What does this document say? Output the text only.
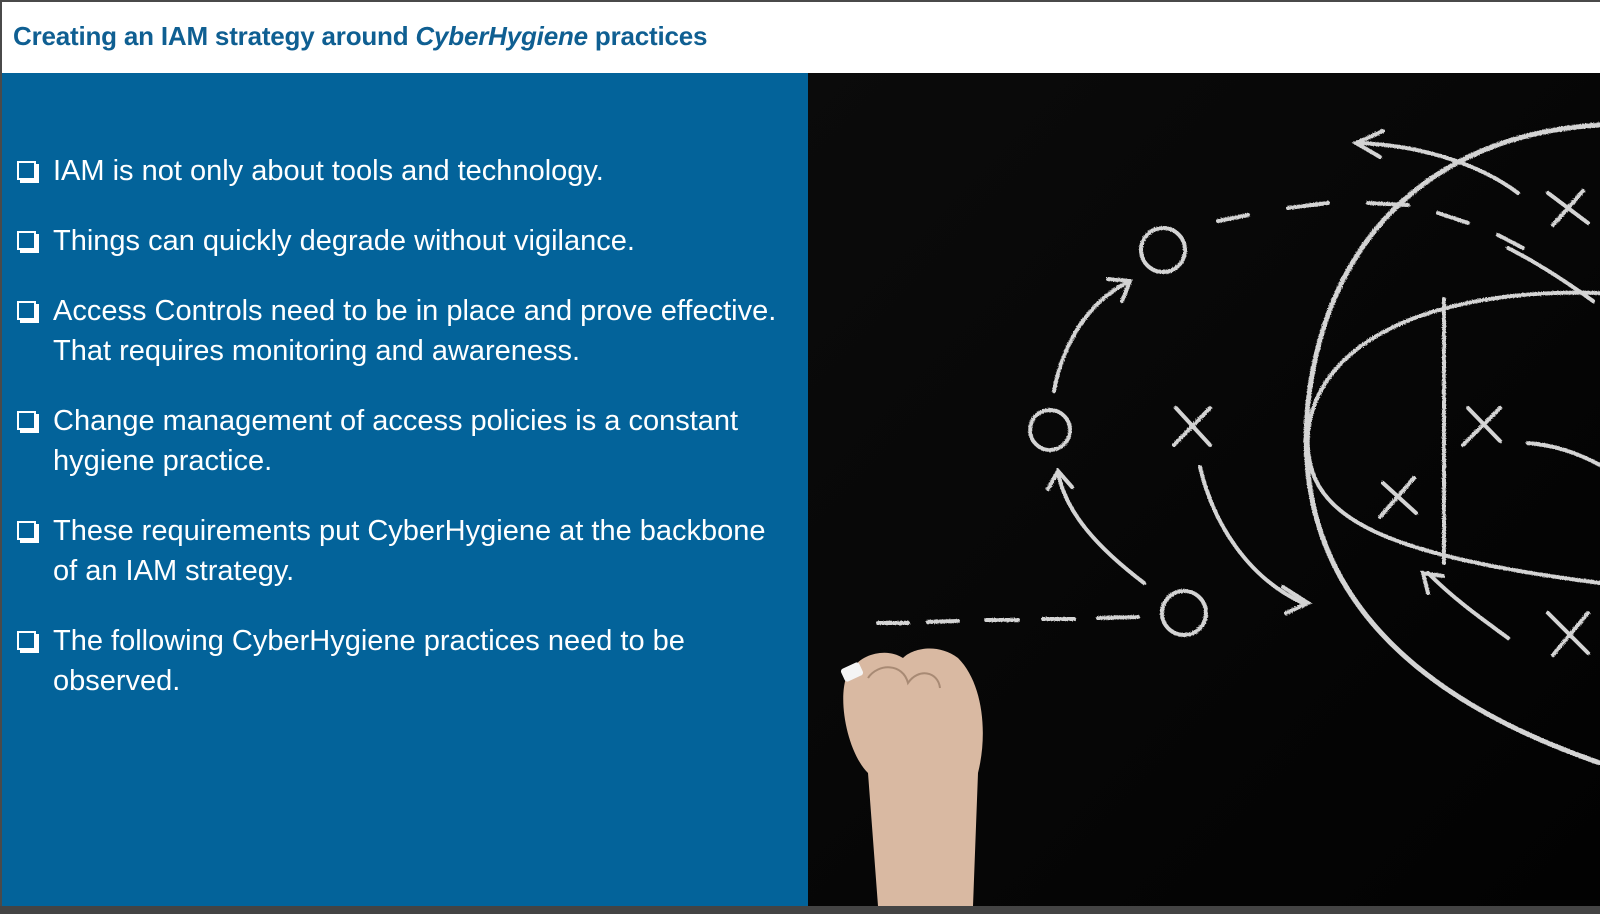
Creating an IAM strategy around CyberHygiene practices
IAM is not only about tools and technology.
Things can quickly degrade without vigilance.
Access Controls need to be in place and prove effective. That requires monitoring and awareness.
Change management of access policies is a constant hygiene practice.
These requirements put CyberHygiene at the backbone of an IAM strategy.
The following CyberHygiene practices need to be observed.
